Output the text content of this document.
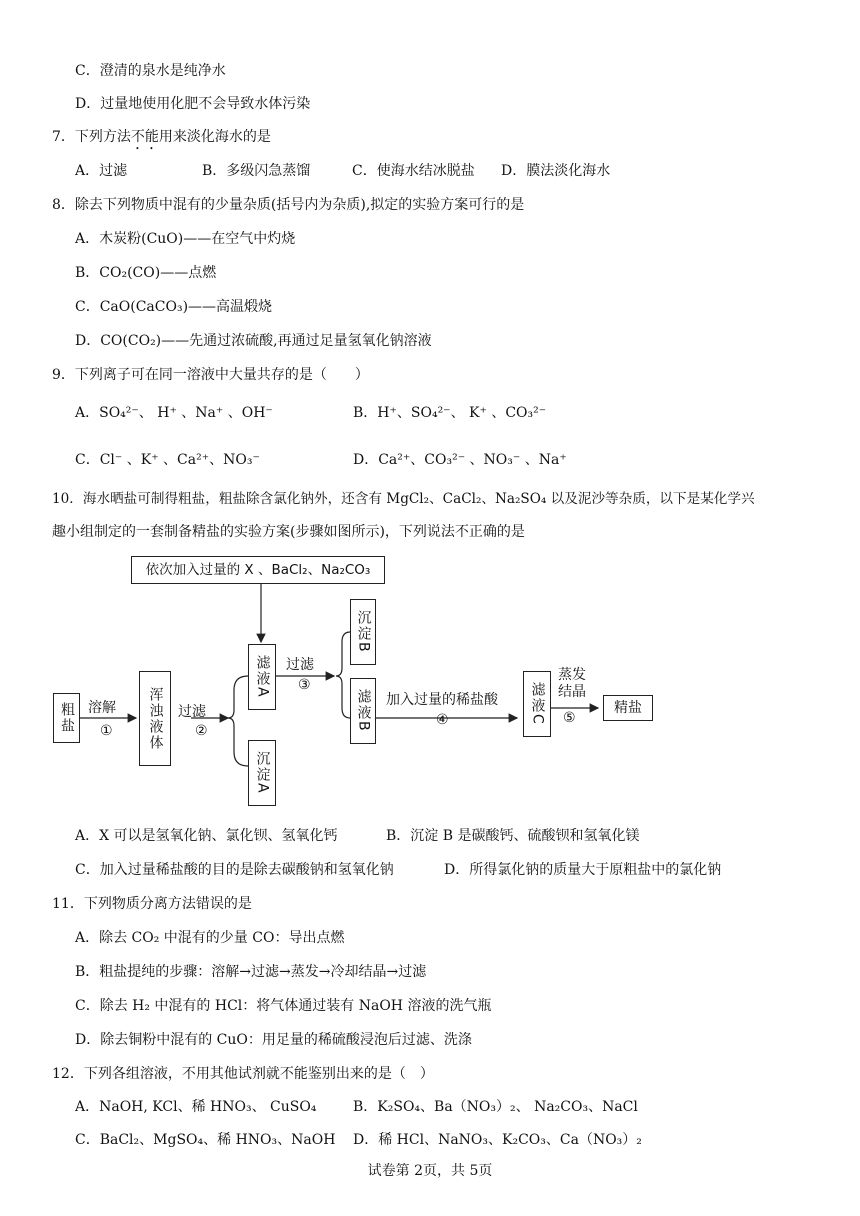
C．澄清的泉水是纯净水
D．过量地使用化肥不会导致水体污染
7．下列方法不能用来淡化海水的是
A．过滤	B．多级闪急蒸馏	C．使海水结冰脱盐 D．膜法淡化海水
8．除去下列物质中混有的少量杂质(括号内为杂质),拟定的实验方案可行的是
A．木炭粉(CuO)——在空气中灼烧
B．CO₂(CO)——点燃
C．CaO(CaCO₃)——高温煅烧
D．CO(CO₂)——先通过浓硫酸,再通过足量氢氧化钠溶液
9．下列离子可在同一溶液中大量共存的是（　　）
A．SO₄²⁻、 H⁺ 、Na⁺ 、OH⁻	B．H⁺、SO₄²⁻、 K⁺ 、CO₃²⁻
C．Cl⁻ 、K⁺ 、Ca²⁺、NO₃⁻	D．Ca²⁺、CO₃²⁻ 、NO₃⁻ 、Na⁺
10．海水晒盐可制得粗盐，粗盐除含氯化钠外，还含有 MgCl₂、CaCl₂、Na₂SO₄ 以及泥沙等杂质，以下是某化学兴
趣小组制定的一套制备精盐的实验方案(步骤如图所示)，下列说法不正确的是
依次加入过量的 X 、BaCl₂、Na₂CO₃
粗盐 溶解
①	浑浊液体	过滤
②
滤液A
沉淀A
过滤
③
沉淀B
滤液B	加入过量的稀盐酸
④	滤液C
蒸发
结晶
⑤
精盐
A．X 可以是氢氧化钠、氯化钡、氢氧化钙	B．沉淀 B 是碳酸钙、硫酸钡和氢氧化镁
C．加入过量稀盐酸的目的是除去碳酸钠和氢氧化钠	D．所得氯化钠的质量大于原粗盐中的氯化钠
11．下列物质分离方法错误的是
A．除去 CO₂ 中混有的少量 CO：导出点燃
B．粗盐提纯的步骤：溶解→过滤→蒸发→冷却结晶→过滤
C．除去 H₂ 中混有的 HCl：将气体通过装有 NaOH 溶液的洗气瓶
D．除去铜粉中混有的 CuO：用足量的稀硫酸浸泡后过滤、洗涤
12．下列各组溶液，不用其他试剂就不能鉴别出来的是（　）
A．NaOH, KCl、稀 HNO₃、 CuSO₄	B．K₂SO₄、Ba（NO₃）₂、 Na₂CO₃、NaCl
C．BaCl₂、MgSO₄、稀 HNO₃、NaOH D．稀 HCl、NaNO₃、K₂CO₃、Ca（NO₃）₂
试卷第 2页，共 5页
